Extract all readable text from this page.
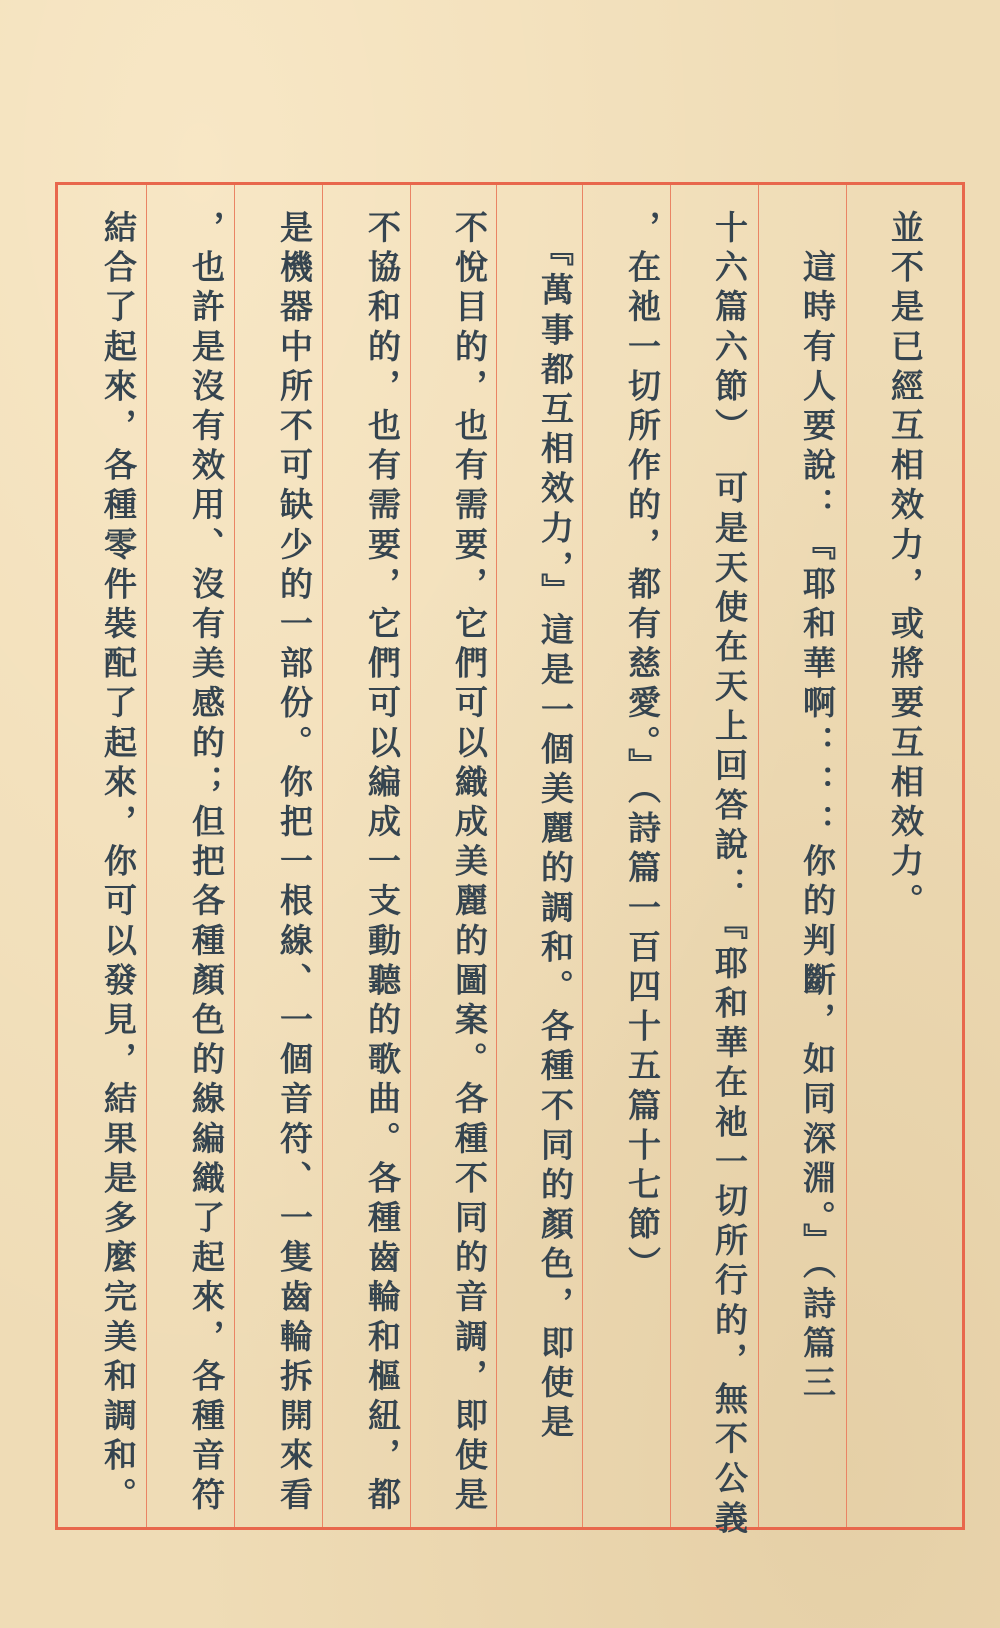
並不是已經互相效力，或將要互相效力。
　這時有人要說：『耶和華啊：：：你的判斷，如同深淵。』（詩篇三
十六篇六節）　可是天使在天上回答說：『耶和華在祂一切所行的，無不公義
，在祂一切所作的，都有慈愛。』（詩篇一百四十五篇十七節）
　『萬事都互相效力，』這是一個美麗的調和。各種不同的顏色，即使是
不悅目的，也有需要，它們可以織成美麗的圖案。各種不同的音調，即使是
不協和的，也有需要，它們可以編成一支動聽的歌曲。各種齒輪和樞紐，都
是機器中所不可缺少的一部份。你把一根線、一個音符、一隻齒輪拆開來看
，也許是沒有效用、沒有美感的；但把各種顏色的線編織了起來，各種音符
結合了起來，各種零件裝配了起來，你可以發見，結果是多麼完美和調和。
